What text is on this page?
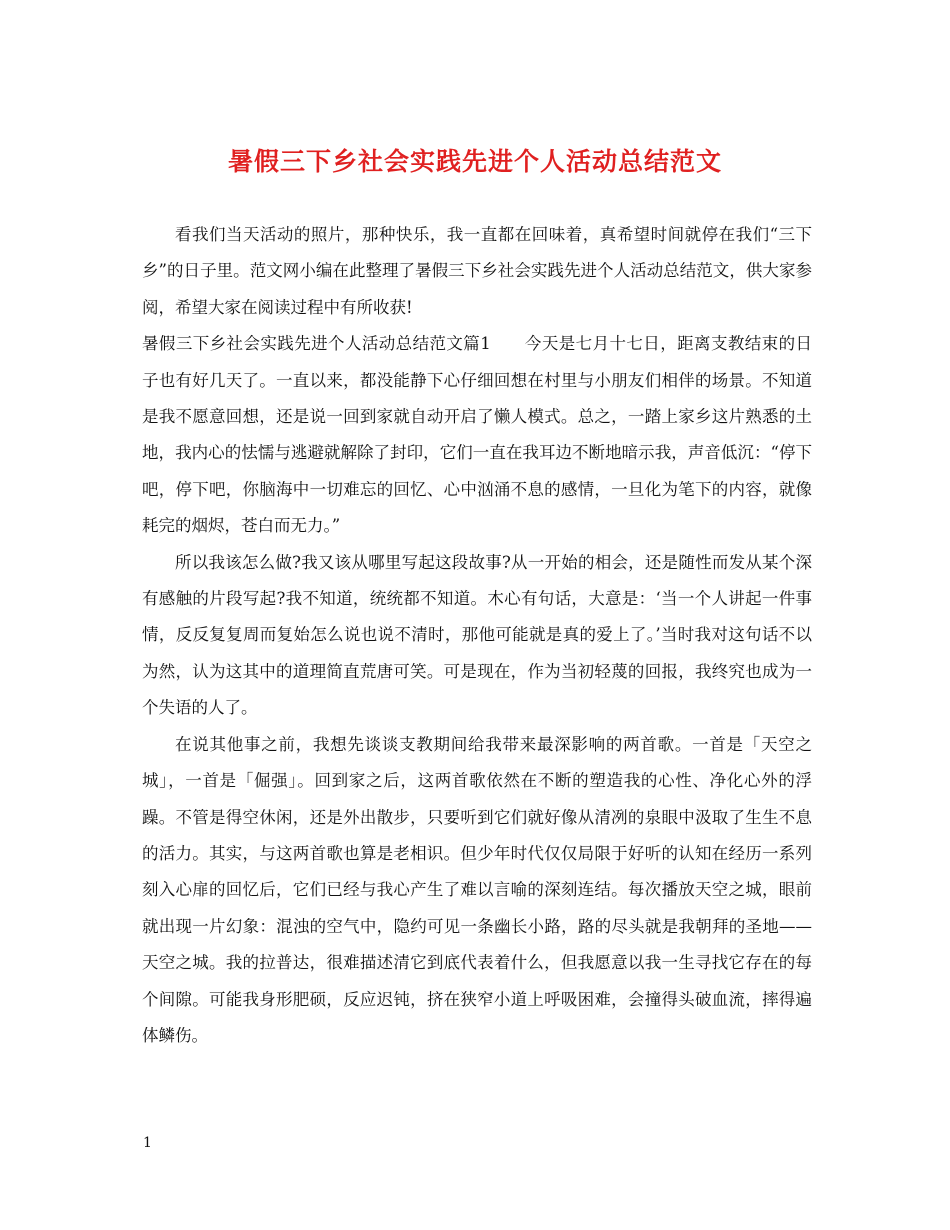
暑假三下乡社会实践先进个人活动总结范文

看我们当天活动的照片，那种快乐，我一直都在回味着，真希望时间就停在我们“三下乡”的日子里。范文网小编在此整理了暑假三下乡社会实践先进个人活动总结范文，供大家参阅，希望大家在阅读过程中有所收获!

暑假三下乡社会实践先进个人活动总结范文篇1　　今天是七月十七日，距离支教结束的日子也有好几天了。一直以来，都没能静下心仔细回想在村里与小朋友们相伴的场景。不知道是我不愿意回想，还是说一回到家就自动开启了懒人模式。总之，一踏上家乡这片熟悉的土地，我内心的怯懦与逃避就解除了封印，它们一直在我耳边不断地暗示我，声音低沉：“停下吧，停下吧，你脑海中一切难忘的回忆、心中汹涌不息的感情，一旦化为笔下的内容，就像耗完的烟烬，苍白而无力。”

所以我该怎么做?我又该从哪里写起这段故事?从一开始的相会，还是随性而发从某个深有感触的片段写起?我不知道，统统都不知道。木心有句话，大意是：‘当一个人讲起一件事情，反反复复周而复始怎么说也说不清时，那他可能就是真的爱上了。’当时我对这句话不以为然，认为这其中的道理简直荒唐可笑。可是现在，作为当初轻蔑的回报，我终究也成为一个失语的人了。

在说其他事之前，我想先谈谈支教期间给我带来最深影响的两首歌。一首是「天空之城」，一首是「倔强」。回到家之后，这两首歌依然在不断的塑造我的心性、净化心外的浮躁。不管是得空休闲，还是外出散步，只要听到它们就好像从清冽的泉眼中汲取了生生不息的活力。其实，与这两首歌也算是老相识。但少年时代仅仅局限于好听的认知在经历一系列刻入心扉的回忆后，它们已经与我心产生了难以言喻的深刻连结。每次播放天空之城，眼前就出现一片幻象：混浊的空气中，隐约可见一条幽长小路，路的尽头就是我朝拜的圣地——天空之城。我的拉普达，很难描述清它到底代表着什么，但我愿意以我一生寻找它存在的每个间隙。可能我身形肥硕，反应迟钝，挤在狭窄小道上呼吸困难，会撞得头破血流，摔得遍体鳞伤。

1
